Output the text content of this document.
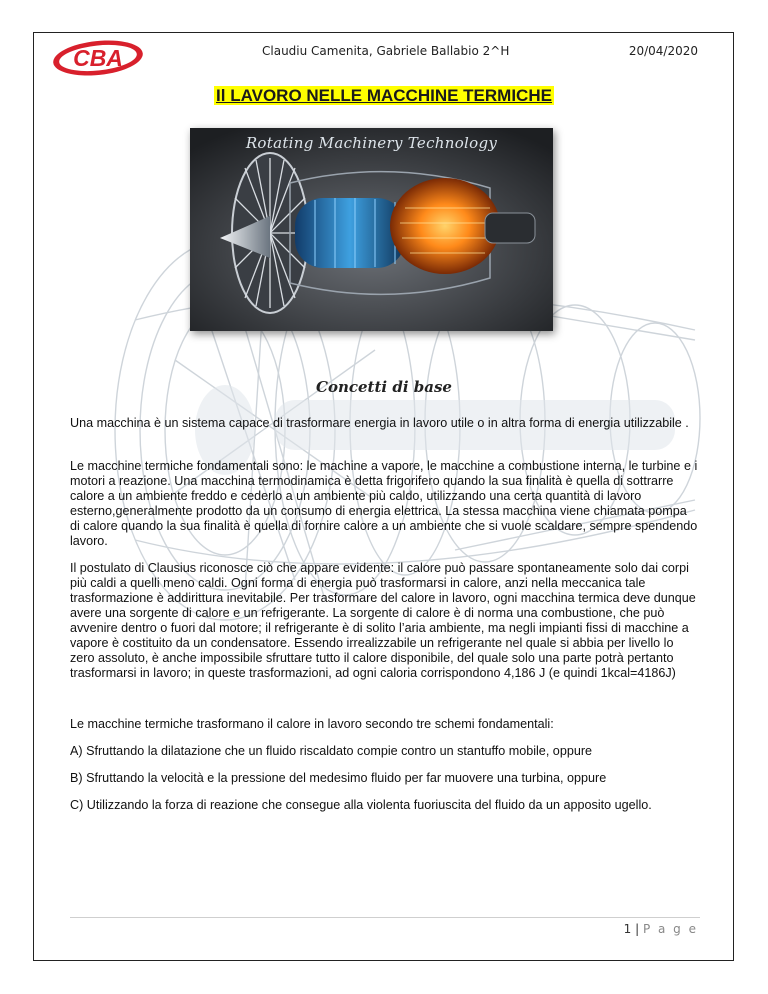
CBA	Claudiu Camenita, Gabriele Ballabio 2^H	20/04/2020
Il LAVORO NELLE MACCHINE TERMICHE
Rotating Machinery Technology
Concetti di base

Una macchina è un sistema capace di trasformare energia in lavoro utile o in altra forma di energia utilizzabile .

Le macchine termiche fondamentali sono: le machine a vapore, le macchine a combustione interna, le turbine e i motori a reazione. Una macchina termodinamica è detta frigorifero quando la sua finalità è quella di sottrarre calore a un ambiente freddo e cederlo a un ambiente più caldo, utilizzando una certa quantità di lavoro esterno,generalmente prodotto da un consumo di energia elettrica. La stessa macchina viene chiamata pompa di calore quando la sua finalità è quella di fornire calore a un ambiente che si vuole scaldare, sempre spendendo lavoro.

Il postulato di Clausius riconosce ciò che appare evidente: il calore può passare spontaneamente solo dai corpi più caldi a quelli meno caldi. Ogni forma di energia può trasformarsi in calore, anzi nella meccanica tale trasformazione è addirittura inevitabile. Per trasformare del calore in lavoro, ogni macchina termica deve dunque avere una sorgente di calore e un refrigerante. La sorgente di calore è di norma una combustione, che può avvenire dentro o fuori dal motore; il refrigerante è di solito l’aria ambiente, ma negli impianti fissi di macchine a vapore è costituito da un condensatore. Essendo irrealizzabile un refrigerante nel quale si abbia per livello lo zero assoluto, è anche impossibile sfruttare tutto il calore disponibile, del quale solo una parte potrà pertanto trasformarsi in lavoro; in queste trasformazioni, ad ogni caloria corrispondono 4,186 J (e quindi 1kcal=4186J)

Le macchine termiche trasformano il calore in lavoro secondo tre schemi fondamentali:

A) Sfruttando la dilatazione che un fluido riscaldato compie contro un stantuffo mobile, oppure

B) Sfruttando la velocità e la pressione del medesimo fluido per far muovere una turbina, oppure

C) Utilizzando la forza di reazione che consegue alla violenta fuoriuscita del fluido da un apposito ugello.

1 | P a g e
